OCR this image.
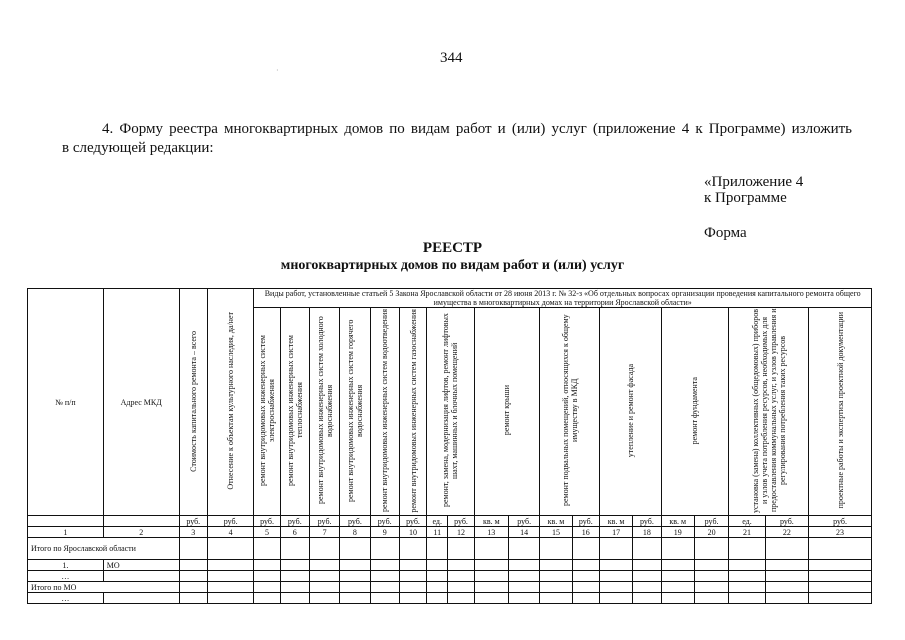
344
·
4. Форму реестра многоквартирных домов по видам работ и (или) услуг (приложение 4 к Программе) изложить
в следующей редакции:
«Приложение 4
к Программе
Форма
РЕЕСТР
многоквартирных домов по видам работ и (или) услуг
№ п/п	Адрес МКД	Стоимость капитального ремонта – всего	Отнесение к объектам культурного наследия, да/нет	Виды работ, установленные статьей 5 Закона Ярославской области от 28 июня 2013 г. № 32-з «Об отдельных вопросах организации проведения капитального ремонта общего имущества в многоквартирных домах на территории Ярославской области»																		
				ремонт внутридомовых инженерных систем электроснабжения	ремонт внутридомовых инженерных систем теплоснабжения	ремонт внутридомовых инженерных систем холодного водоснабжения	ремонт внутридомовых инженерных систем горячего водоснабжения	ремонт внутридомовых инженерных систем водоотведения	ремонт внутридомовых инженерных систем газоснабжения	ремонт, замена, модернизация лифтов, ремонт лифтовых шахт, машинных и блочных помещений		ремонт крыши		ремонт подвальных помещений, относящихся к общему имуществу в МКД		утепление и ремонт фасада		ремонт фундамента		установка (замена) коллективных (общедомовых) приборов и узлов учета потребления ресурсов, необходимых для предоставления коммунальных услуг, и узлов управления и регулирования потребления таких ресурсов		проектные работы и экспертиза проектной документации
		руб.	руб.	руб.	руб.	руб.	руб.	руб.	руб.	ед.	руб.	кв. м	руб.	кв. м	руб.	кв. м	руб.	кв. м	руб.	ед.	руб.	руб.
1	2	3	4	5	6	7	8	9	10	11	12	13	14	15	16	17	18	19	20	21	22	23
Итого по Ярославской области																						
1.	МО																					
…																						
Итого по МО																						
…																						
